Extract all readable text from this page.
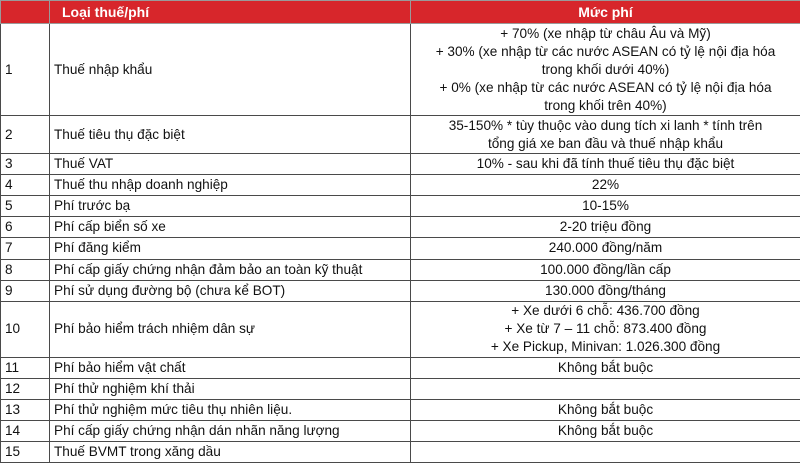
	Loại thuế/phí	Mức phí
1	Thuế nhập khẩu	+ 70% (xe nhập từ châu Âu và Mỹ)
+ 30% (xe nhập từ các nước ASEAN có tỷ lệ nội địa hóa
trong khối dưới 40%)
+ 0% (xe nhập từ các nước ASEAN có tỷ lệ nội địa hóa
trong khối trên 40%)

2	Thuế tiêu thụ đặc biệt	35-150% * tùy thuộc vào dung tích xi lanh * tính trên
tổng giá xe ban đầu và thuế nhập khẩu

3	Thuế VAT	10% - sau khi đã tính thuế tiêu thụ đặc biệt

4	Thuế thu nhập doanh nghiệp	22%

5	Phí trước bạ	10-15%

6	Phí cấp biển số xe	2-20 triệu đồng

7	Phí đăng kiểm	240.000 đồng/năm

8	Phí cấp giấy chứng nhận đảm bảo an toàn kỹ thuật	100.000 đồng/lần cấp

9	Phí sử dụng đường bộ (chưa kể BOT)	130.000 đồng/tháng

10	Phí bảo hiểm trách nhiệm dân sự	+ Xe dưới 6 chỗ: 436.700 đồng
+ Xe từ 7 – 11 chỗ: 873.400 đồng
+ Xe Pickup, Minivan: 1.026.300 đồng

11	Phí bảo hiểm vật chất	Không bắt buộc

12	Phí thử nghiệm khí thải	
13	Phí thử nghiệm mức tiêu thụ nhiên liệu.	Không bắt buộc

14	Phí cấp giấy chứng nhận dán nhãn năng lượng	Không bắt buộc

15	Thuế BVMT trong xăng dầu	
